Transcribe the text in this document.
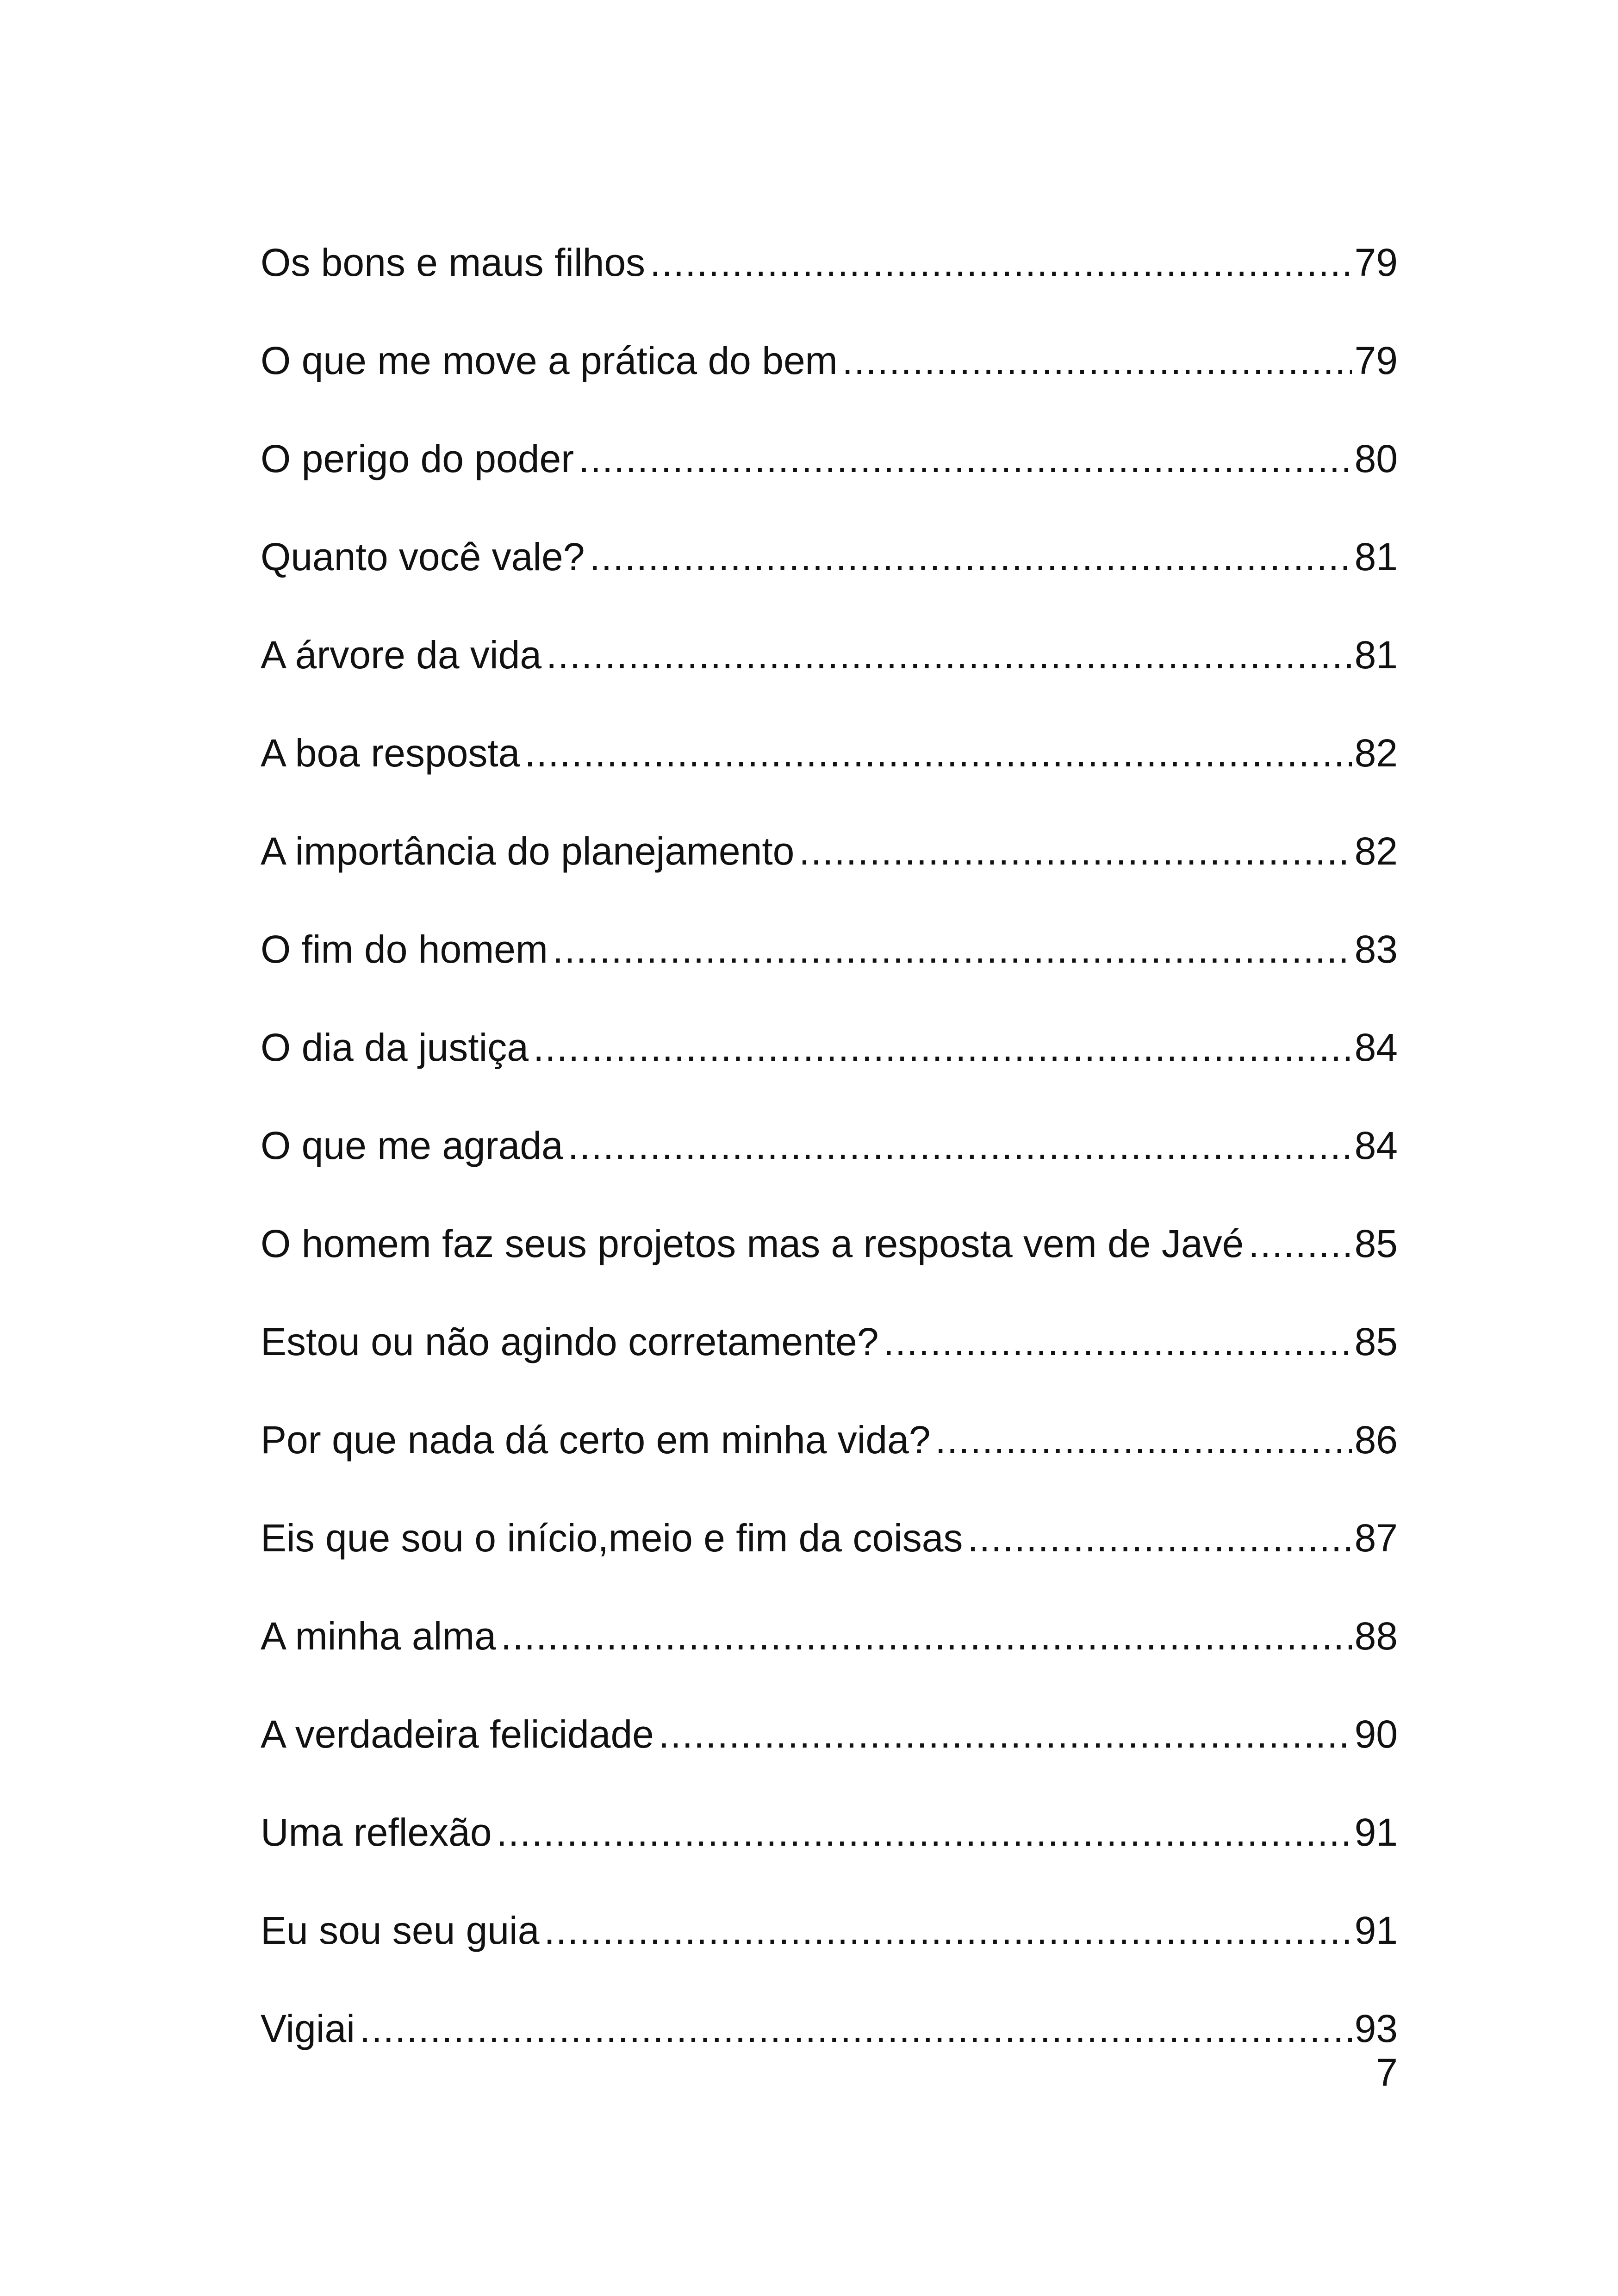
Os bons e maus filhos .....	79
O que me move a prática do bem .....	79
O perigo do poder .....	80
Quanto você vale? .....	81
A árvore da vida .....	81
A boa resposta .....	82
A importância do planejamento .....	82
O fim do homem .....	83
O dia da justiça .....	84
O que me agrada .....	84
O homem faz seus projetos mas a resposta vem de Javé .....	85
Estou ou não agindo corretamente? .....	85
Por que nada dá certo em minha vida? .....	86
Eis que sou o início,meio e fim da coisas .....	87
A minha alma .....	88
A verdadeira felicidade .....	90
Uma reflexão .....	91
Eu sou seu guia .....	91
Vigiai .....	93
7
